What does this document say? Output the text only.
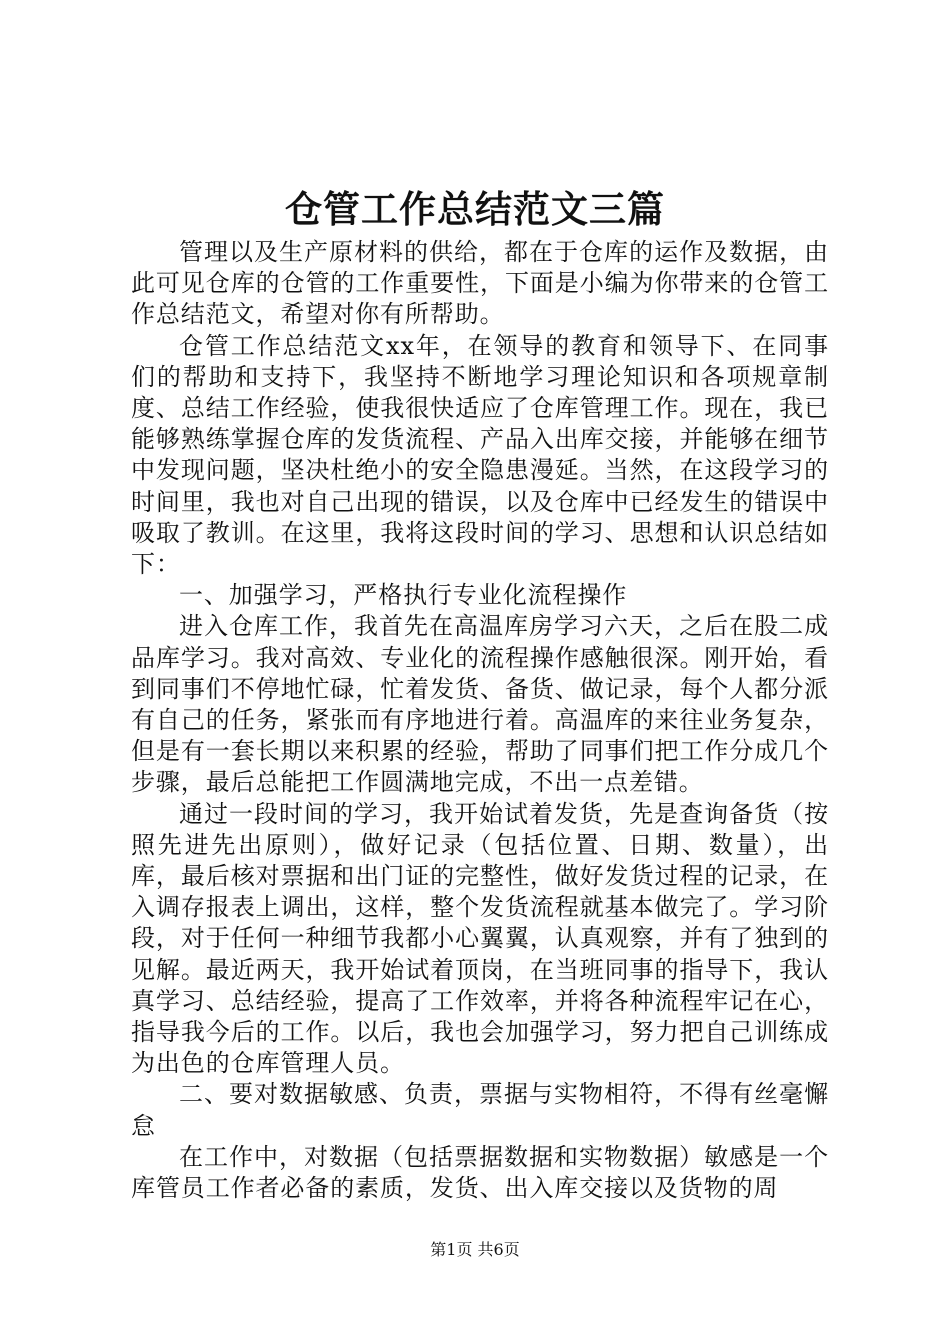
仓管工作总结范文三篇

管理以及生产原材料的供给，都在于仓库的运作及数据，由此可见仓库的仓管的工作重要性，下面是小编为你带来的仓管工作总结范文，希望对你有所帮助。

仓管工作总结范文xx年，在领导的教育和领导下、在同事们的帮助和支持下，我坚持不断地学习理论知识和各项规章制度、总结工作经验，使我很快适应了仓库管理工作。现在，我已能够熟练掌握仓库的发货流程、产品入出库交接，并能够在细节中发现问题，坚决杜绝小的安全隐患漫延。当然，在这段学习的时间里，我也对自己出现的错误，以及仓库中已经发生的错误中吸取了教训。在这里，我将这段时间的学习、思想和认识总结如下：

一、加强学习，严格执行专业化流程操作

进入仓库工作，我首先在高温库房学习六天，之后在股二成品库学习。我对高效、专业化的流程操作感触很深。刚开始，看到同事们不停地忙碌，忙着发货、备货、做记录，每个人都分派有自己的任务，紧张而有序地进行着。高温库的来往业务复杂，但是有一套长期以来积累的经验，帮助了同事们把工作分成几个步骤，最后总能把工作圆满地完成，不出一点差错。

通过一段时间的学习，我开始试着发货，先是查询备货（按照先进先出原则），做好记录（包括位置、日期、数量），出库，最后核对票据和出门证的完整性，做好发货过程的记录，在入调存报表上调出，这样，整个发货流程就基本做完了。学习阶段，对于任何一种细节我都小心翼翼，认真观察，并有了独到的见解。最近两天，我开始试着顶岗，在当班同事的指导下，我认真学习、总结经验，提高了工作效率，并将各种流程牢记在心，指导我今后的工作。以后，我也会加强学习，努力把自己训练成为出色的仓库管理人员。

二、要对数据敏感、负责，票据与实物相符，不得有丝毫懈怠

在工作中，对数据（包括票据数据和实物数据）敏感是一个库管员工作者必备的素质，发货、出入库交接以及货物的周

第1页 共6页
